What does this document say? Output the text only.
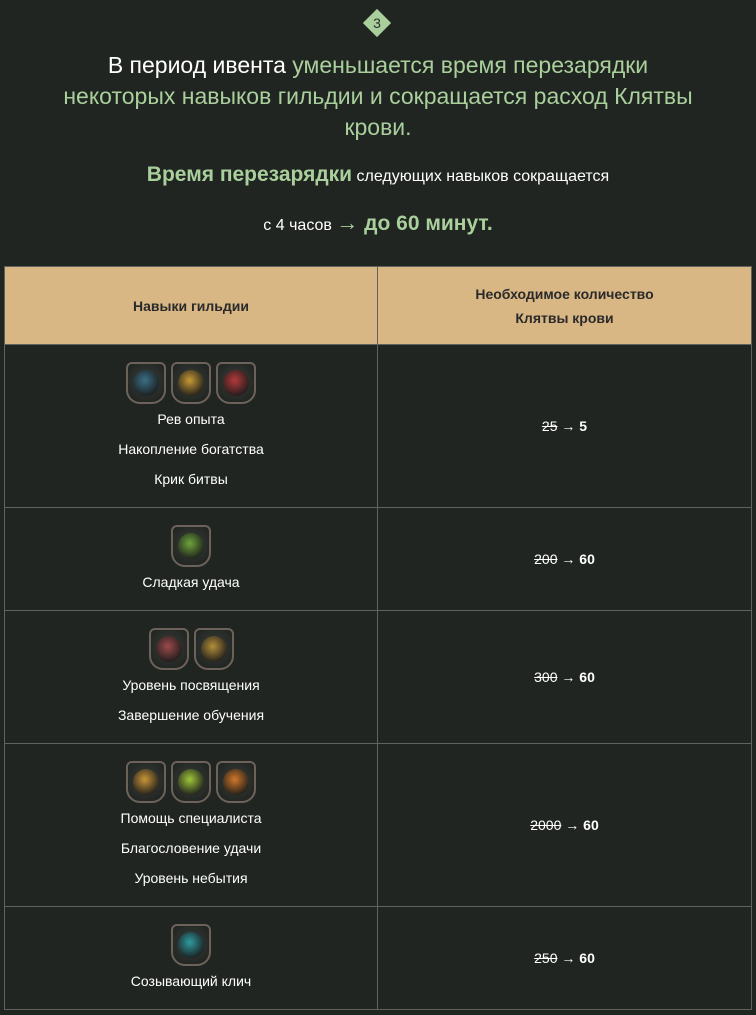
3
В период ивента уменьшается время перезарядки некоторых навыков гильдии и сокращается расход Клятвы крови.
Время перезарядки следующих навыков сокращается
с 4 часов → до 60 минут.
Навыки гильдии	Необходимое количество
Клятвы крови

Рев опыта
Накопление богатства
Крик битвы	25 → 5

Сладкая удача	200 → 60

Уровень посвящения
Завершение обучения	300 → 60

Помощь специалиста
Благословение удачи
Уровень небытия	2000 → 60

Созывающий клич	250 → 60
